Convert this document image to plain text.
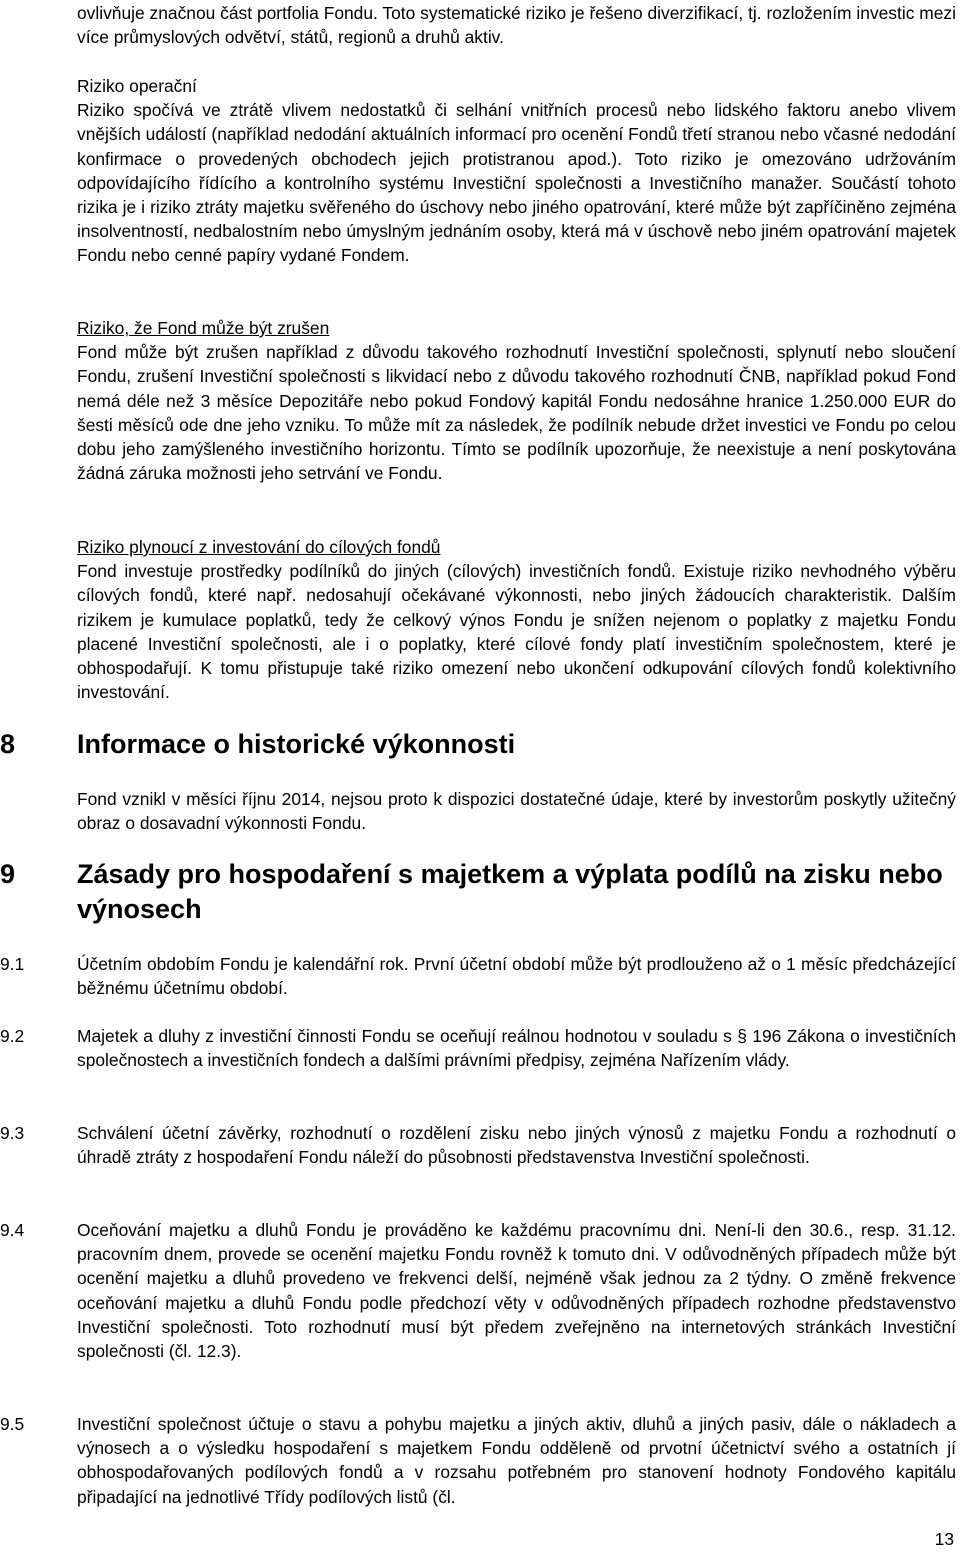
ovlivňuje značnou část portfolia Fondu. Toto systematické riziko je řešeno diverzifikací, tj. rozložením investic mezi více průmyslových odvětví, států, regionů a druhů aktiv.

Riziko operační

Riziko spočívá ve ztrátě vlivem nedostatků či selhání vnitřních procesů nebo lidského faktoru anebo vlivem vnějších událostí (například nedodání aktuálních informací pro ocenění Fondů třetí stranou nebo včasné nedodání konfirmace o provedených obchodech jejich protistranou apod.). Toto riziko je omezováno udržováním odpovídajícího řídícího a kontrolního systému Investiční společnosti a Investičního manažer. Součástí tohoto rizika je i riziko ztráty majetku svěřeného do úschovy nebo jiného opatrování, které může být zapříčiněno zejména insolventností, nedbalostním nebo úmyslným jednáním osoby, která má v úschově nebo jiném opatrování majetek Fondu nebo cenné papíry vydané Fondem.

Riziko, že Fond může být zrušen

Fond může být zrušen například z důvodu takového rozhodnutí Investiční společnosti, splynutí nebo sloučení Fondu, zrušení Investiční společnosti s likvidací nebo z důvodu takového rozhodnutí ČNB, například pokud Fond nemá déle než 3 měsíce Depozitáře nebo pokud Fondový kapitál Fondu nedosáhne hranice 1.250.000 EUR do šesti měsíců ode dne jeho vzniku. To může mít za následek, že podílník nebude držet investici ve Fondu po celou dobu jeho zamýšleného investičního horizontu. Tímto se podílník upozorňuje, že neexistuje a není poskytována žádná záruka možnosti jeho setrvání ve Fondu.

Riziko plynoucí z investování do cílových fondů

Fond investuje prostředky podílníků do jiných (cílových) investičních fondů. Existuje riziko nevhodného výběru cílových fondů, které např. nedosahují očekávané výkonnosti, nebo jiných žádoucích charakteristik. Dalším rizikem je kumulace poplatků, tedy že celkový výnos Fondu je snížen nejenom o poplatky z majetku Fondu placené Investiční společnosti, ale i o poplatky, které cílové fondy platí investičním společnostem, které je obhospodařují. K tomu přistupuje také riziko omezení nebo ukončení odkupování cílových fondů kolektivního investování.

8 Informace o historické výkonnosti

Fond vznikl v měsíci říjnu 2014, nejsou proto k dispozici dostatečné údaje, které by investorům poskytly užitečný obraz o dosavadní výkonnosti Fondu.

9 Zásady pro hospodaření s majetkem a výplata podílů na zisku nebo výnosech
9.1	Účetním obdobím Fondu je kalendářní rok. První účetní období může být prodlouženo až o 1 měsíc předcházející běžnému účetnímu období.
9.2	Majetek a dluhy z investiční činnosti Fondu se oceňují reálnou hodnotou v souladu s § 196 Zákona o investičních společnostech a investičních fondech a dalšími právními předpisy, zejména Nařízením vlády.
9.3	Schválení účetní závěrky, rozhodnutí o rozdělení zisku nebo jiných výnosů z majetku Fondu a rozhodnutí o úhradě ztráty z hospodaření Fondu náleží do působnosti představenstva Investiční společnosti.
9.4	Oceňování majetku a dluhů Fondu je prováděno ke každému pracovnímu dni. Není-li den 30.6., resp. 31.12. pracovním dnem, provede se ocenění majetku Fondu rovněž k tomuto dni. V odůvodněných případech může být ocenění majetku a dluhů provedeno ve frekvenci delší, nejméně však jednou za 2 týdny. O změně frekvence oceňování majetku a dluhů Fondu podle předchozí věty v odůvodněných případech rozhodne představenstvo Investiční společnosti. Toto rozhodnutí musí být předem zveřejněno na internetových stránkách Investiční společnosti (čl. 12.3).
9.5	Investiční společnost účtuje o stavu a pohybu majetku a jiných aktiv, dluhů a jiných pasiv, dále o nákladech a výnosech a o výsledku hospodaření s majetkem Fondu odděleně od prvotní účetnictví svého a ostatních jí obhospodařovaných podílových fondů a v rozsahu potřebném pro stanovení hodnoty Fondového kapitálu připadající na jednotlivé Třídy podílových listů (čl.
13
